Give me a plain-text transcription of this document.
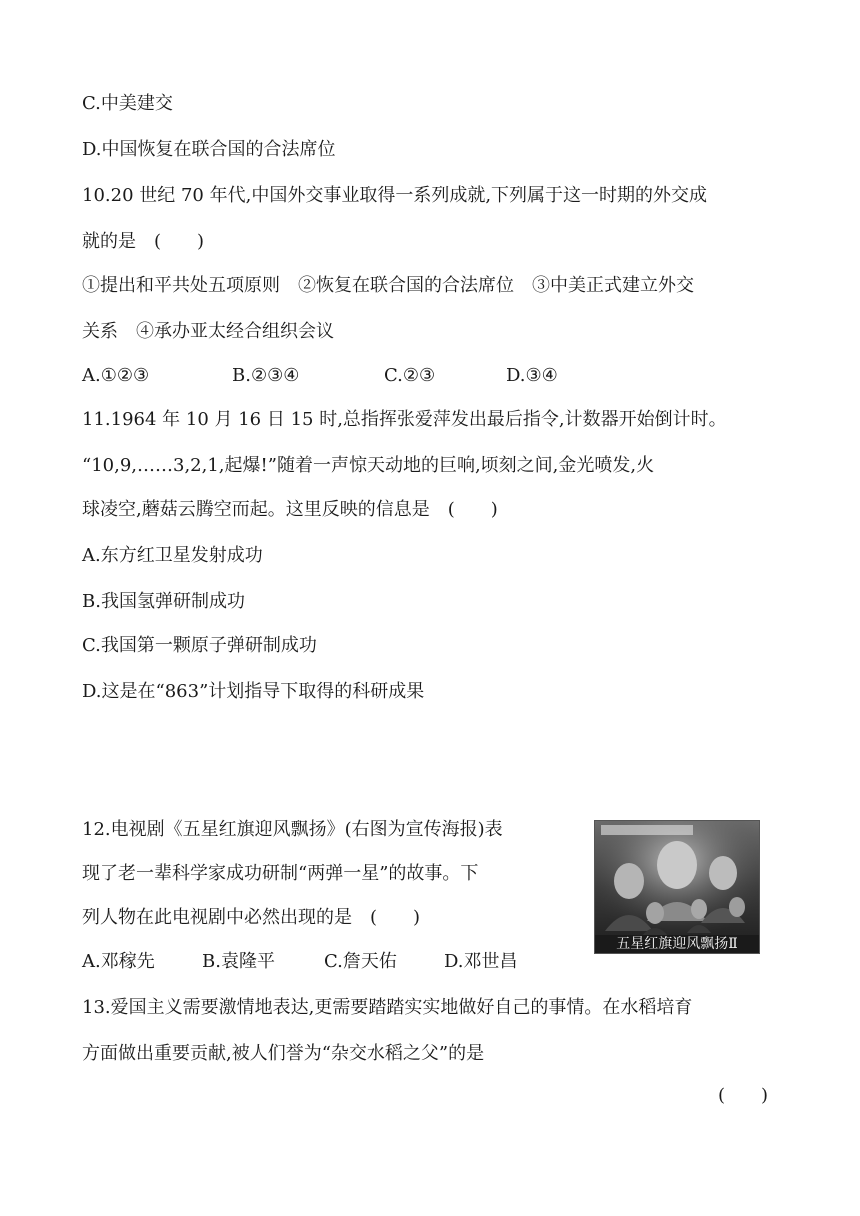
C.中美建交
D.中国恢复在联合国的合法席位
10.20 世纪 70 年代,中国外交事业取得一系列成就,下列属于这一时期的外交成
就的是　(　　)
①提出和平共处五项原则　②恢复在联合国的合法席位　③中美正式建立外交
关系　④承办亚太经合组织会议
A.①②③	B.②③④	C.②③	D.③④
11.1964 年 10 月 16 日 15 时,总指挥张爱萍发出最后指令,计数器开始倒计时。
“10,9,……3,2,1,起爆!”随着一声惊天动地的巨响,顷刻之间,金光喷发,火
球凌空,蘑菇云腾空而起。这里反映的信息是　(　　)
A.东方红卫星发射成功
B.我国氢弹研制成功
C.我国第一颗原子弹研制成功
D.这是在“863”计划指导下取得的科研成果
12.电视剧《五星红旗迎风飘扬》(右图为宣传海报)表
现了老一辈科学家成功研制“两弹一星”的故事。下
列人物在此电视剧中必然出现的是　(　　)
A.邓稼先	B.袁隆平	C.詹天佑	D.邓世昌
五星红旗迎风飘扬Ⅱ
13.爱国主义需要激情地表达,更需要踏踏实实地做好自己的事情。在水稻培育
方面做出重要贡献,被人们誉为“杂交水稻之父”的是
(　　)
